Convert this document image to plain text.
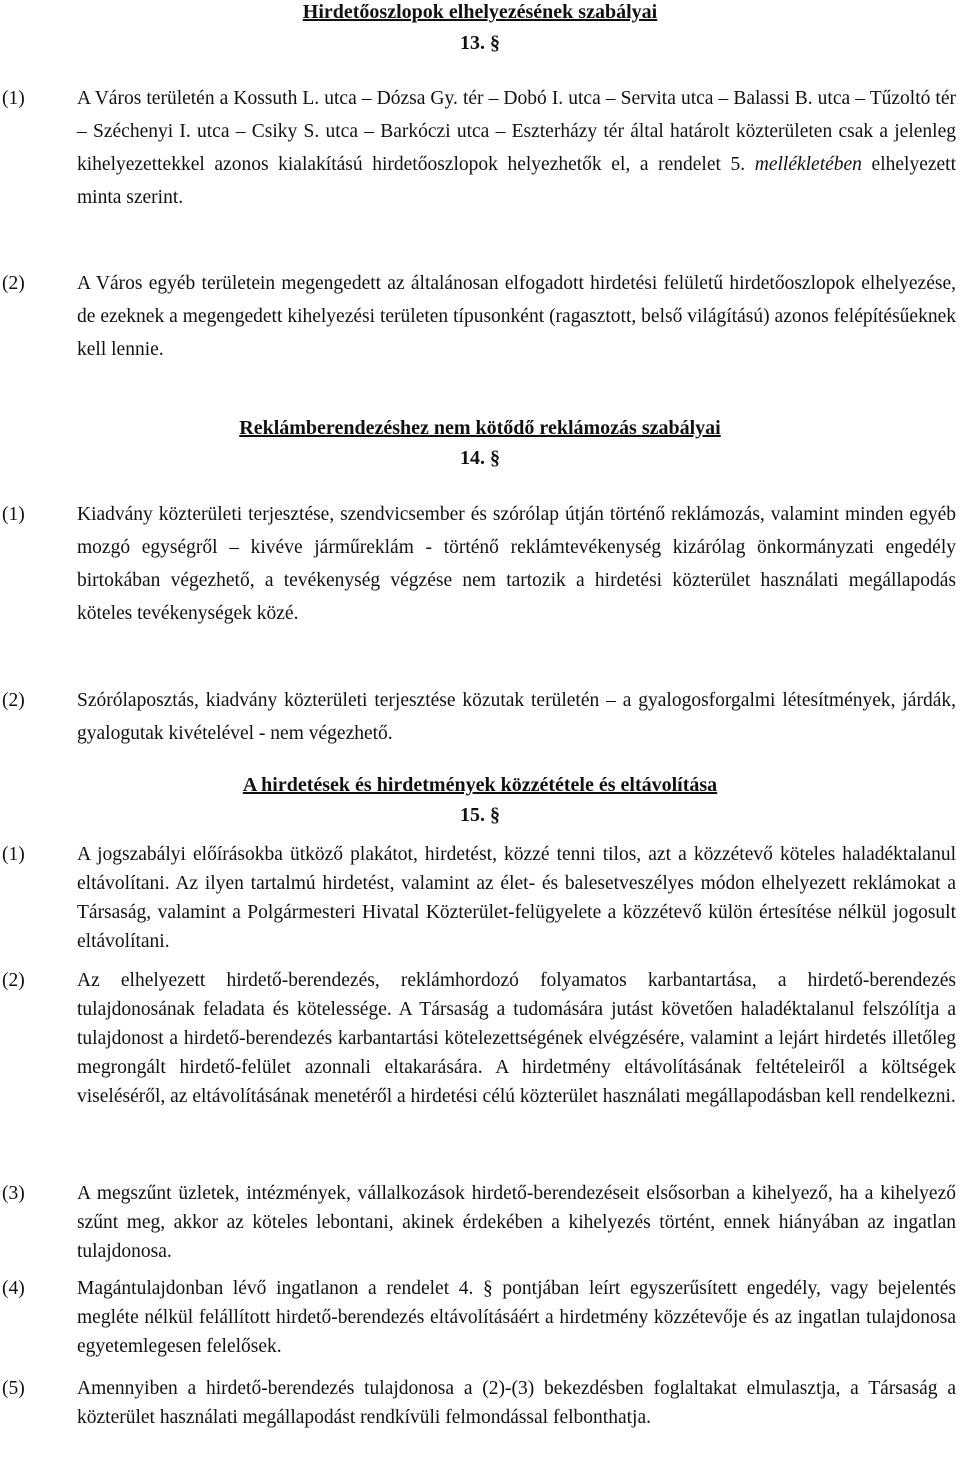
Hirdetőoszlopok elhelyezésének szabályai
13. §
(1)	A Város területén a Kossuth L. utca – Dózsa Gy. tér – Dobó I. utca – Servita utca – Balassi B. utca – Tűzoltó tér – Széchenyi I. utca – Csiky S. utca – Barkóczi utca – Eszterházy tér által határolt közterületen csak a jelenleg kihelyezettekkel azonos kialakítású hirdetőoszlopok helyezhetők el, a rendelet 5. mellékletében elhelyezett minta szerint.
(2)	A Város egyéb területein megengedett az általánosan elfogadott hirdetési felületű hirdetőoszlopok elhelyezése, de ezeknek a megengedett kihelyezési területen típusonként (ragasztott, belső világítású) azonos felépítésűeknek kell lennie.
Reklámberendezéshez nem kötődő reklámozás szabályai
14. §
(1)	Kiadvány közterületi terjesztése, szendvicsember és szórólap útján történő reklámozás, valamint minden egyéb mozgó egységről – kivéve járműreklám - történő reklámtevékenység kizárólag önkormányzati engedély birtokában végezhető, a tevékenység végzése nem tartozik a hirdetési közterület használati megállapodás köteles tevékenységek közé.
(2)	Szórólaposztás, kiadvány közterületi terjesztése közutak területén – a gyalogosforgalmi létesítmények, járdák, gyalogutak kivételével - nem végezhető.
A hirdetések és hirdetmények közzététele és eltávolítása
15. §
(1)	A jogszabályi előírásokba ütköző plakátot, hirdetést, közzé tenni tilos, azt a közzétevő köteles haladéktalanul eltávolítani. Az ilyen tartalmú hirdetést, valamint az élet- és balesetveszélyes módon elhelyezett reklámokat a Társaság, valamint a Polgármesteri Hivatal Közterület-felügyelete a közzétevő külön értesítése nélkül jogosult eltávolítani.
(2)	Az elhelyezett hirdető-berendezés, reklámhordozó folyamatos karbantartása, a hirdető-berendezés tulajdonosának feladata és kötelessége. A Társaság a tudomására jutást követően haladéktalanul felszólítja a tulajdonost a hirdető-berendezés karbantartási kötelezettségének elvégzésére, valamint a lejárt hirdetés illetőleg megrongált hirdető-felület azonnali eltakarására. A hirdetmény eltávolításának feltételeiről a költségek viseléséről, az eltávolításának menetéről a hirdetési célú közterület használati megállapodásban kell rendelkezni.
(3)	A megszűnt üzletek, intézmények, vállalkozások hirdető-berendezéseit elsősorban a kihelyező, ha a kihelyező szűnt meg, akkor az köteles lebontani, akinek érdekében a kihelyezés történt, ennek hiányában az ingatlan tulajdonosa.
(4)	Magántulajdonban lévő ingatlanon a rendelet 4. § pontjában leírt egyszerűsített engedély, vagy bejelentés megléte nélkül felállított hirdető-berendezés eltávolításáért a hirdetmény közzétevője és az ingatlan tulajdonosa egyetemlegesen felelősek.
(5)	Amennyiben a hirdető-berendezés tulajdonosa a (2)-(3) bekezdésben foglaltakat elmulasztja, a Társaság a közterület használati megállapodást rendkívüli felmondással felbonthatja.
